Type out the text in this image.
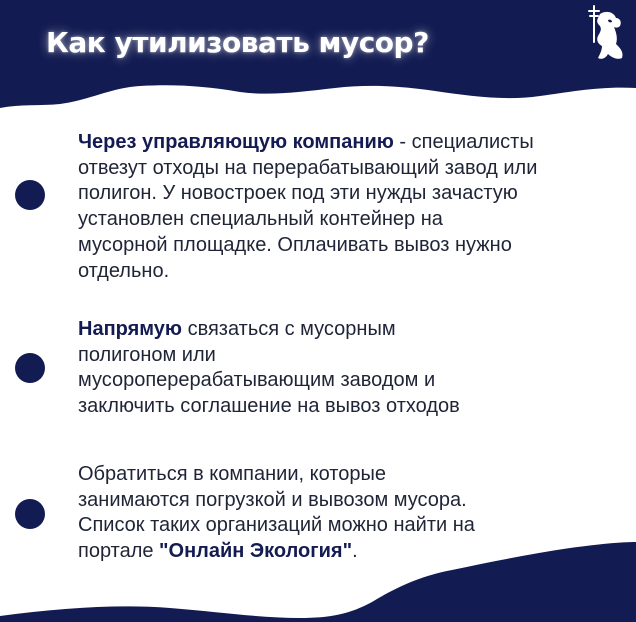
Как утилизовать мусор?

Через управляющую компанию - специалисты
отвезут отходы на перерабатывающий завод или
полигон. У новостроек под эти нужды зачастую
установлен специальный контейнер на
мусорной площадке. Оплачивать вывоз нужно
отдельно.

Напрямую связаться с мусорным
полигоном или
мусороперерабатывающим заводом и
заключить соглашение на вывоз отходов

Обратиться в компании, которые
занимаются погрузкой и вывозом мусора.
Список таких организаций можно найти на
портале "Онлайн Экология".
